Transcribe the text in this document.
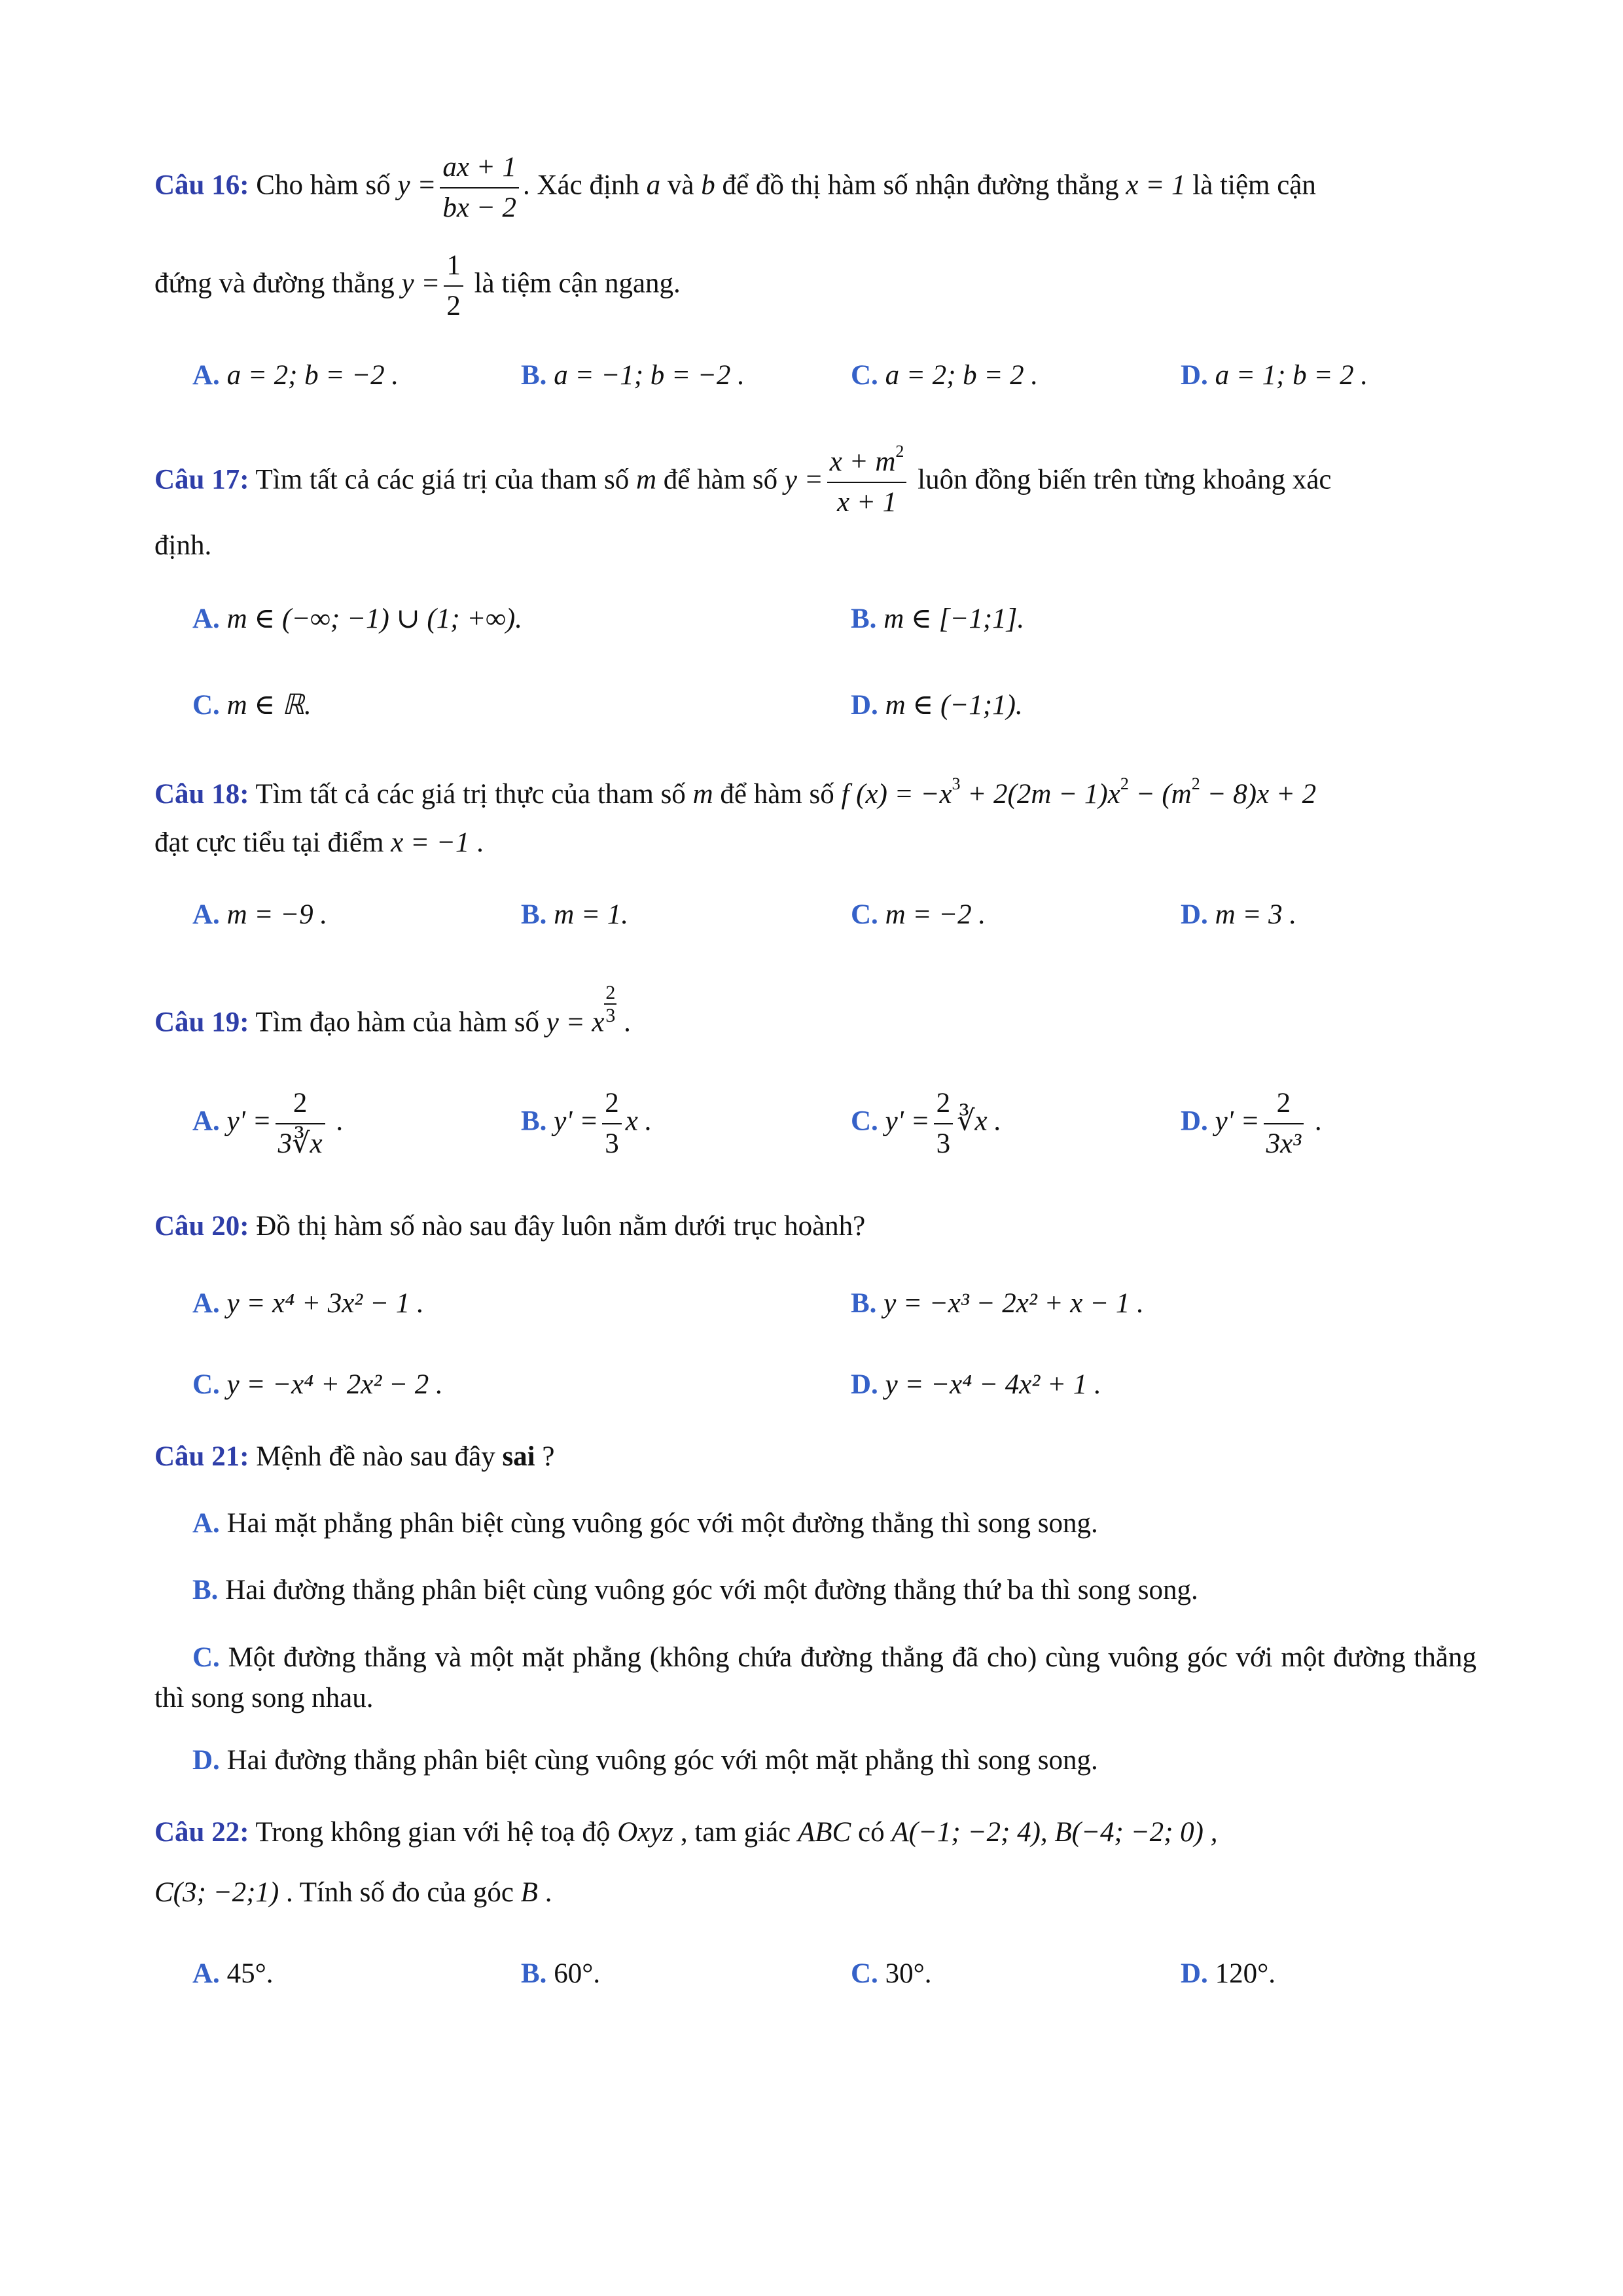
Câu 16: Cho hàm số $y = \frac{ax + 1}{bx - 2}$ . Xác định a và b để đồ thị hàm số nhận đường thẳng x = 1 là tiệm cận
đứng và đường thẳng $y = \frac{1}{2}$ là tiệm cận ngang.
A. a = 2; b = −2 .	B. a = −1; b = −2 .	C. a = 2; b = 2 .	D. a = 1; b = 2 .
Câu 17: Tìm tất cả các giá trị của tham số m để hàm số $y = \frac{x + m^2}{x + 1}$ luôn đồng biến trên từng khoảng xác
định.
A. m ∈ (−∞; −1) ∪ (1; +∞).	B. m ∈ [−1;1].
C. m ∈ ℝ.	D. m ∈ (−1;1).
Câu 18: Tìm tất cả các giá trị thực của tham số m để hàm số f $(x) = -x^3 + 2(2m - 1)x^2 - (m^2 - 8)x + 2$
đạt cực tiểu tại điểm x = −1 .
A. m = −9 .	B. m = 1.	C. m = −2 .	D. m = 3 .
Câu 19: Tìm đạo hàm của hàm số y = x $\frac{2}{3}$ .
A. $y' = \frac{2}{3∛x}$ .	B. $y' = \frac{2}{3}$ x .	C. $y' = \frac{2}{3}$ ∛x .	D. $y' = \frac{2}{\text{3x³}}$ .
Câu 20: Đồ thị hàm số nào sau đây luôn nằm dưới trục hoành?
A. y = x⁴ + 3x² − 1 .	B. y = −x³ − 2x² + x − 1 .
C. y = −x⁴ + 2x² − 2 .	D. y = −x⁴ − 4x² + 1 .
Câu 21: Mệnh đề nào sau đây sai ?
A. Hai mặt phẳng phân biệt cùng vuông góc với một đường thẳng thì song song.
B. Hai đường thẳng phân biệt cùng vuông góc với một đường thẳng thứ ba thì song song.
C. Một đường thẳng và một mặt phẳng (không chứa đường thẳng đã cho) cùng vuông góc với một đường thẳng thì song song nhau.
D. Hai đường thẳng phân biệt cùng vuông góc với một mặt phẳng thì song song.
Câu 22: Trong không gian với hệ toạ độ Oxyz , tam giác ABC có A(−1; −2; 4), B(−4; −2; 0) ,
C(3; −2;1) . Tính số đo của góc B .
A. 45°.	B. 60°.	C. 30°.	D. 120°.
